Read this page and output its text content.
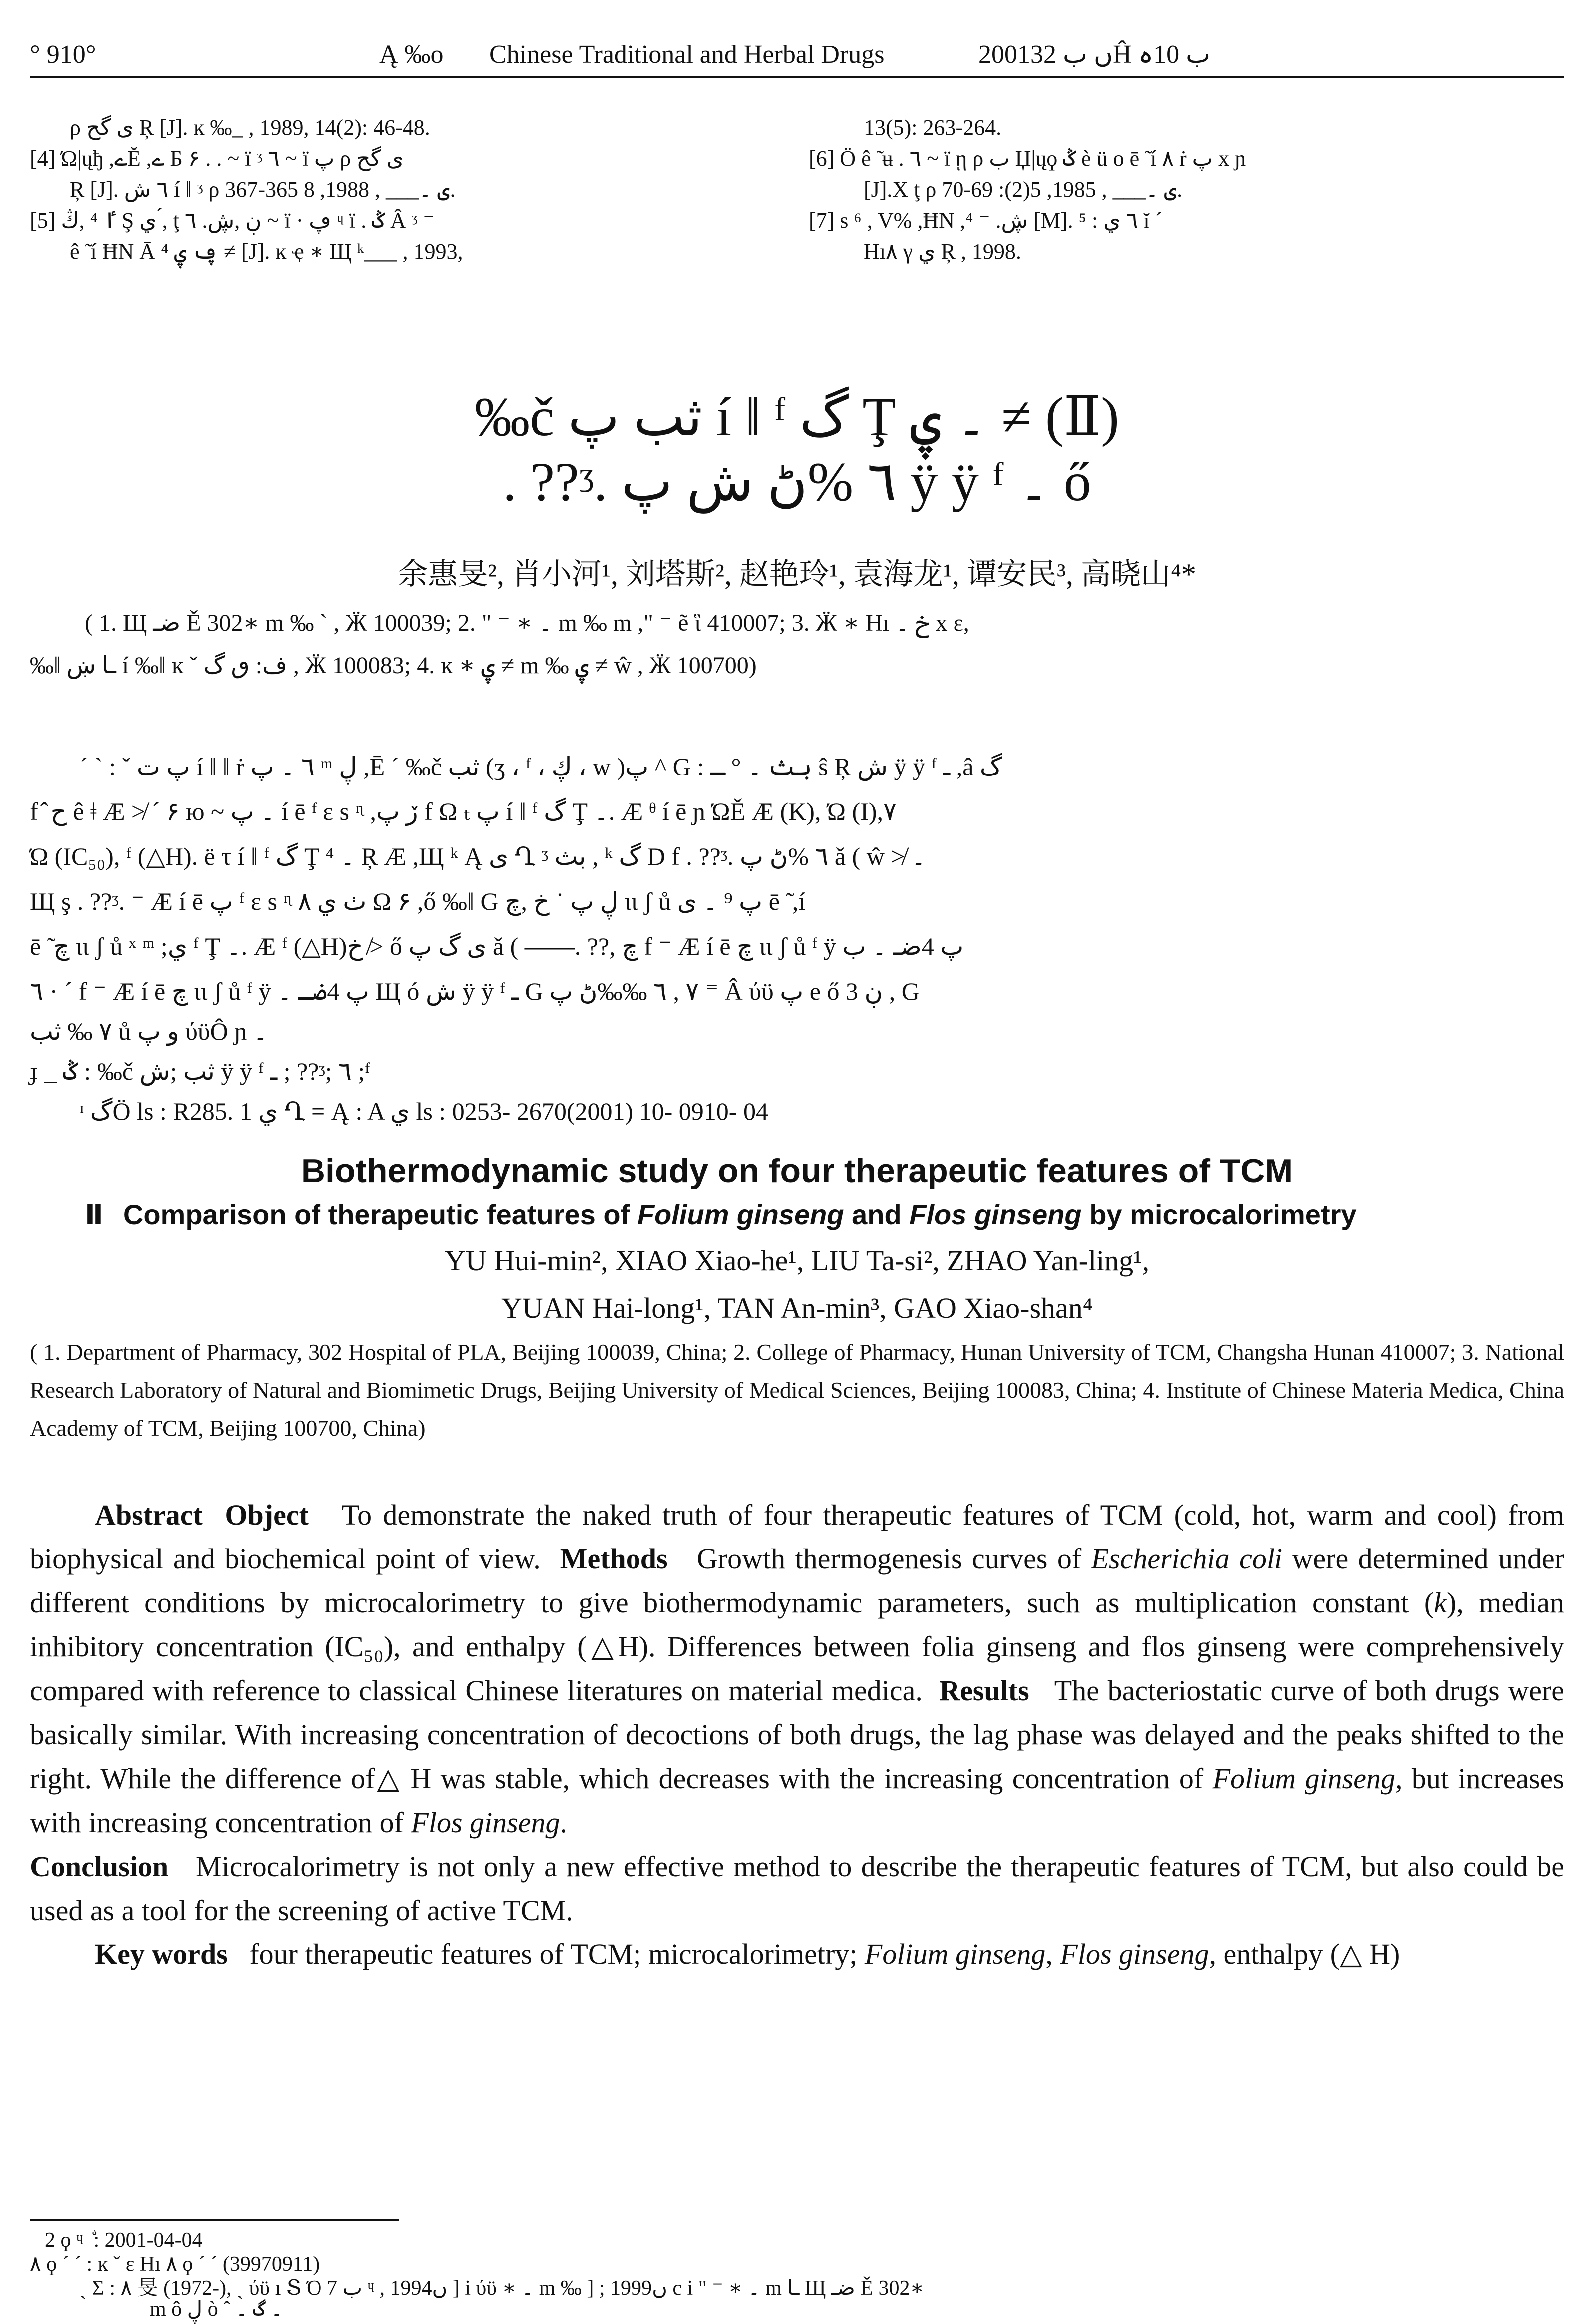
° 910°	Ą ‰o Chinese Traditional and Herbal Drugs	2001ں ب 32Ĥ ب 10ہ
ρ ى گح Ŗ [J]. ĸ ‰_ , 1989, 14(2): 46-48.
[4] Ώ|ųђ ,ےĚ ,ے Б ۶ . . ~ ї ᶾ ٦ ~ ї پ ρ ى گح
Ŗ [J]. ٦ ش í ǁ ᶾ ρ ى ۔___ , 1988, 8 365-367.
[5] ٵ ⁴ ,ڭ Ş ي ,́ ţ ڹ ,ڜ. ٦ ~ ї · ڥ ᶣ ï . ݣ Â ᶾ ⁻
ê ̃ í ĦΝ Ā ⁴ ڥ ۑ ≠ [J]. ĸ ҿ ∗ Щ ᵏ___ , 1993,
13(5): 263-264.
[6] Ö ê ̃ ʉ . ٦ ~ ї ῃ ρ ب Џ|ųϙ ݣ è ü o ē ̃ í ٨ ṙ پ x ɲ
[J].X ţ ρ ى ۔___ , 1985, 5(2): 69-70.
[7] s ⁶ , V% ,ĦΝ ,ڜ. ⁻ ⁴ [M]. ٦ ي : ⁵ ĭ ˊ
Hı٨ γ ي Ŗ , 1998.
‰č ثب پ í ǁ ᶠ گ Ţ ۔ ۑ ≠ (Ⅱ)
. ??ᶾ. ٦ %ڻ ش پ ÿ ÿ ᶠ ۔ ő
余惠旻², 肖小河¹, 刘塔斯², 赵艳玲¹, 袁海龙¹, 谭安民³, 高晓山⁴*
( 1. Щ ضـ Ě 302∗ m ‰ ˋ , Ӝ 100039; 2. " ⁻ ∗ ۔ m ‰ m ," ⁻ ẽ ἳ 410007; 3. Ӝ ∗ Hı خ ۔ x ε,
‰ǁ ـا ښ í ‰ǁ ĸ ˇ ف: ٯ گ , Ӝ 100083; 4. ĸ ∗ ۑ ≠ m ‰ ۑ ≠ ŵ , Ӝ 100700)
ˊ ˋ : ˇ پ ت í ǁ ǁ ṙ ٦ ۔ پ ᵐ ڸ ,Ē ˊ ‰č ثب (ʒ ، ᶠ ، ڮ ، w )پ ^ G : بث ۔ ° ـ ŝ Ŗ ش ÿ ÿ ᶠ ـ ,â گ
f ̂ ح ê ǂ Æ ≯ ˊ ۶ ю ~ ۔ پ í ē ᶠ ɛ s ᶯ ,ڒ پ f Ω ₜ پ í ǁ ᶠ گ Ţ ۔. Æ ᶿ í ē ɲ ΏĚ Æ (K), Ώ (I),٧
Ώ (IC₅₀), ᶠ (△H). ë τ í ǁ ᶠ گ Ţ ۔ ⁴ Ŗ Æ ,Щ ᵏ Ą ى Ղ ᶾ بث , ᵏ گ D f . ??ᶾ. ٦ %ڻ پ ǎ ( ŵ ≯ ۔
Щ ş . ??ᶾ. ⁻ Æ í ē پ ᶠ ɛ s ᶯ ٺ ي ٨ Ω ۶ ,ő ‰ǁ G ڸ پ ˙ خ ,چ ɩɩ ʃ ů پ ⁹ ۔ ى ē ̃ ,í
ē ̃ چ ɩɩ ʃ ů ˣ ᵐ ;ي ᶠ Ţ ۔. Æ ᶠ (△H)خ ≯ ő ى گ پ ǎ ( ——. ??, چ f ⁻ Æ í ē چ ɩɩ ʃ ů ᶠ ÿ پ 4ضـ ۔ ب
٦ · ˊ f ⁻ Æ í ē چ ɩɩ ʃ ů ᶠ ÿ پ 4ضـ ۔ Щ ó ش ÿ ÿ ᶠ ـ G ٧ , ٦ ‰‰ڻ پ ⁼ Â ύϋ پ e ő 3 ڹ , G
٧ ‰ ثب ů و پ ύϋÔ ɲ ۔
ɟ _ ݣ : ‰č ثب ;ش ÿ ÿ ᶠ ـ ; ??ᶾ; ٦ ;ᶠ
ᶦ گÖ ls : R285. 1 ي Ղ = Ą : A ي ls : 0253- 2670(2001) 10- 0910- 04
Biothermodynamic study on four therapeutic features of TCM
Ⅱ Comparison of therapeutic features of Folium ginseng and Flos ginseng by microcalorimetry
YU Hui-min², XIAO Xiao-he¹, LIU Ta-si², ZHAO Yan-ling¹,
YUAN Hai-long¹, TAN An-min³, GAO Xiao-shan⁴
( 1. Department of Pharmacy, 302 Hospital of PLA, Beijing 100039, China; 2. College of Pharmacy, Hunan University of TCM, Changsha Hunan 410007; 3. National Research Laboratory of Natural and Biomimetic Drugs, Beijing University of Medical Sciences, Beijing 100083, China; 4. Institute of Chinese Materia Medica, China Academy of TCM, Beijing 100700, China)
Abstract Object To demonstrate the naked truth of four therapeutic features of TCM (cold, hot, warm and cool) from biophysical and biochemical point of view. Methods Growth thermogenesis curves of Escherichia coli were determined under different conditions by microcalorimetry to give biothermodynamic parameters, such as multiplication constant (k), median inhibitory concentration (IC₅₀), and enthalpy (△H). Differences between folia ginseng and flos ginseng were comprehensively compared with reference to classical Chinese literatures on material medica. Results The bacteriostatic curve of both drugs were basically similar. With increasing concentration of decoctions of both drugs, the lag phase was delayed and the peaks shifted to the right. While the difference of△ H was stable, which decreases with the increasing concentration of Folium ginseng, but increases with increasing concentration of Flos ginseng.
Conclusion Microcalorimetry is not only a new effective method to describe the therapeutic features of TCM, but also could be used as a tool for the screening of active TCM.
Key words four therapeutic features of TCM; microcalorimetry; Folium ginseng, Flos ginseng, enthalpy (△ H)
2 ϙ ᶣ ۨ : 2001-04-04
٨ ϙ ˊ ˊ : ĸ ˇ ε Hı ٨ ϙ ˊ ˊ (39970911)
ˎ Σ : ٨ 旻 (1972-), ˎ ύϋ ı Տ Ό ب 7 ᶣ , 1994ں ] i ύϋ ∗ ۔ m ‰ ] ; 1999ں c i " ⁻ ∗ ۔ m ـا Щ ضـ Ě 302∗
m ô ڸ ò ˆ ۔ گ ۔
